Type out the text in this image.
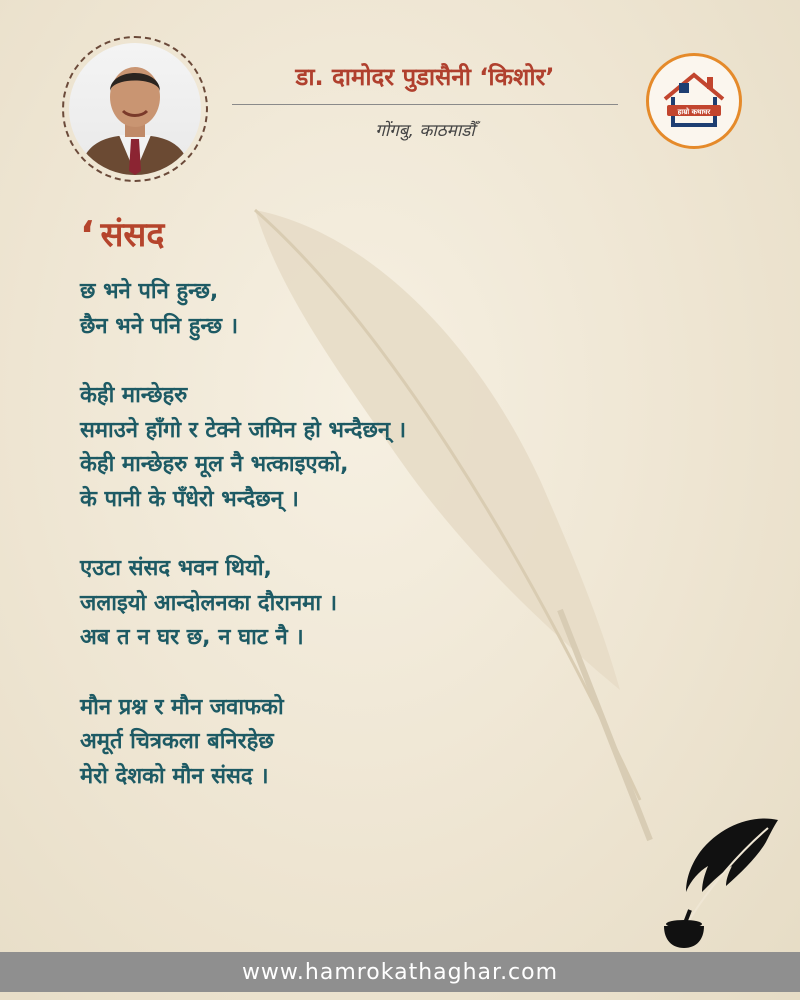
डा. दामोदर पुडासैनी ‘किशोर’
गोंगबु, काठमाडौँ
हाम्रो कथाघर
‘ संसद
छ भने पनि हुन्छ,
छैन भने पनि हुन्छ ।
केही मान्छेहरु
समाउने हाँगो र टेक्ने जमिन हो भन्दैछन् ।
केही मान्छेहरु मूल नै भत्काइएको,
के पानी के पँधेरो भन्दैछन् ।
एउटा संसद भवन थियो,
जलाइयो आन्दोलनका दौरानमा ।
अब त न घर छ, न घाट नै ।
मौन प्रश्न र मौन जवाफको
अमूर्त चित्रकला बनिरहेछ
मेरो देशको मौन संसद ।
www.hamrokathaghar.com
